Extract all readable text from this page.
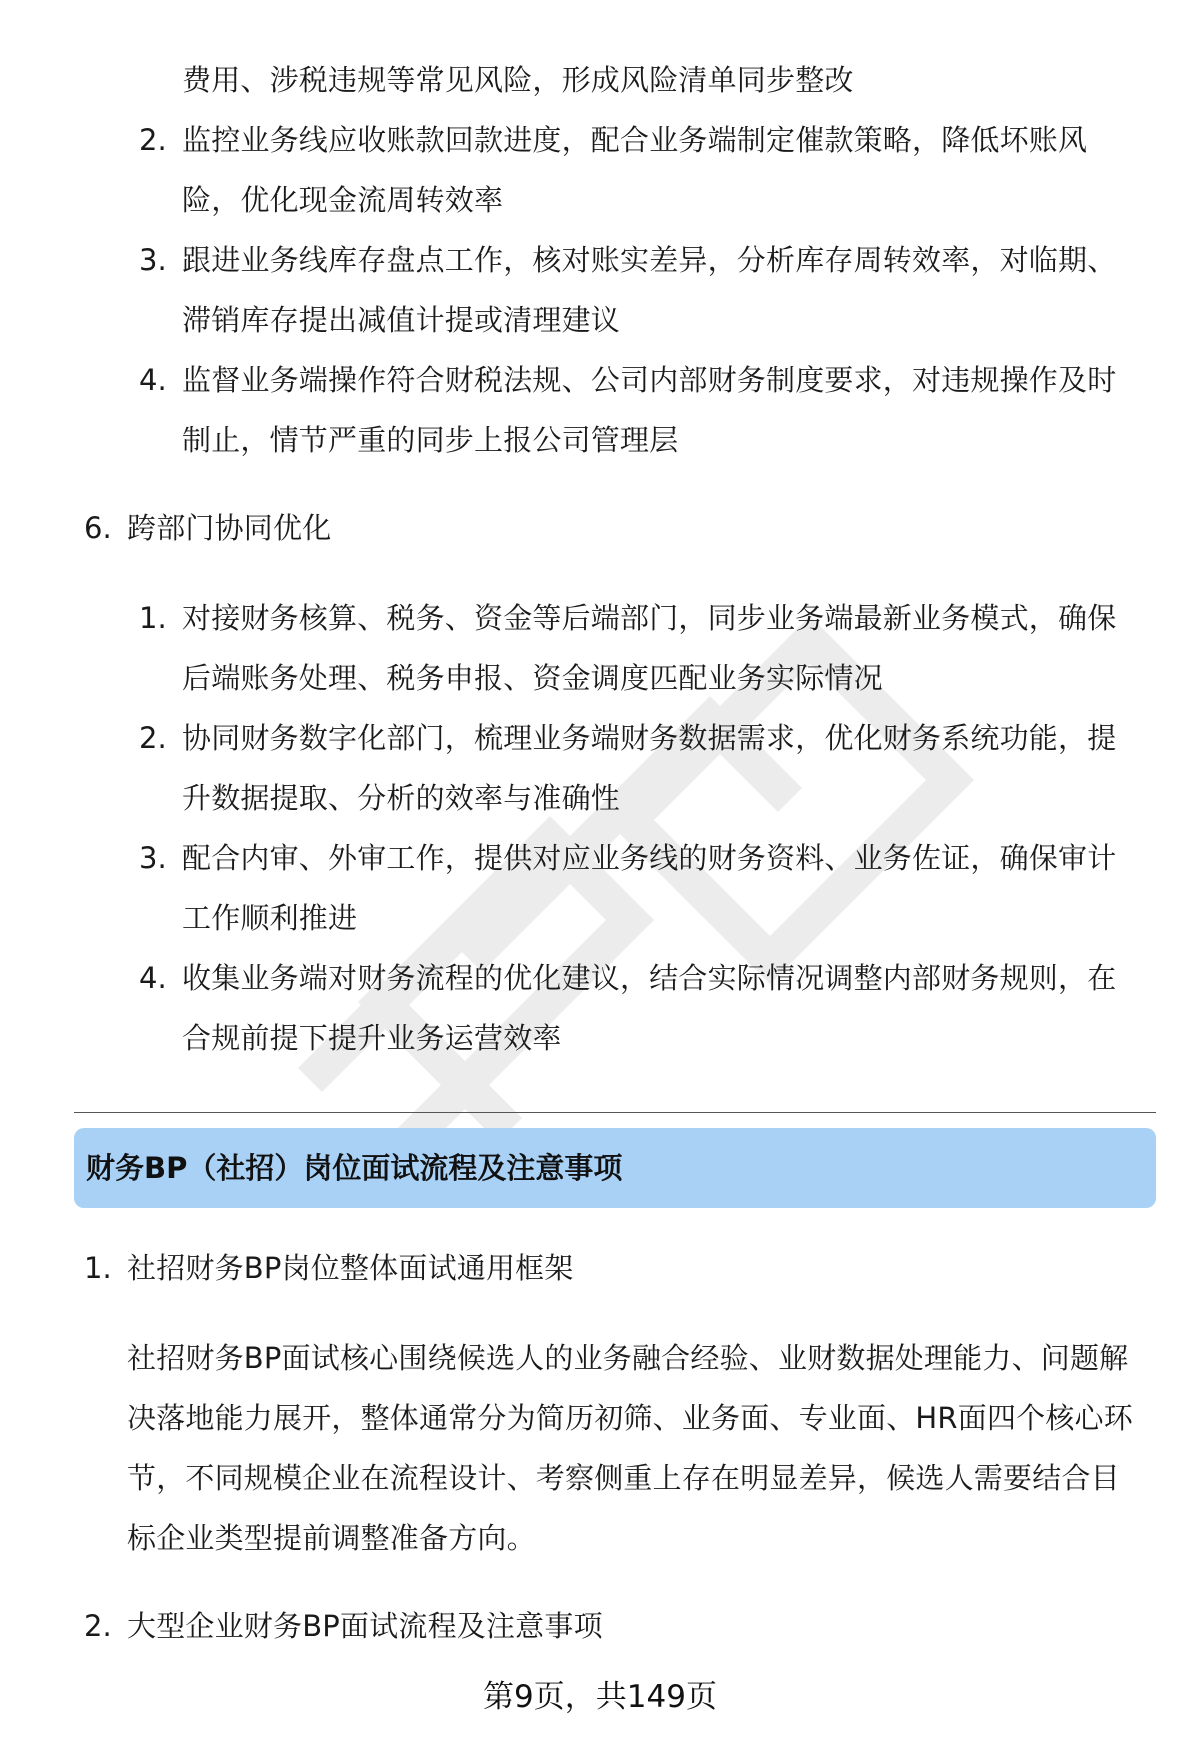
费用、涉税违规等常见风险，形成风险清单同步整改
2. 监控业务线应收账款回款进度，配合业务端制定催款策略，降低坏账风
险，优化现金流周转效率
3. 跟进业务线库存盘点工作，核对账实差异，分析库存周转效率，对临期、
滞销库存提出减值计提或清理建议
4. 监督业务端操作符合财税法规、公司内部财务制度要求，对违规操作及时
制止，情节严重的同步上报公司管理层
6. 跨部门协同优化
1. 对接财务核算、税务、资金等后端部门，同步业务端最新业务模式，确保
后端账务处理、税务申报、资金调度匹配业务实际情况
2. 协同财务数字化部门，梳理业务端财务数据需求，优化财务系统功能，提
升数据提取、分析的效率与准确性
3. 配合内审、外审工作，提供对应业务线的财务资料、业务佐证，确保审计
工作顺利推进
4. 收集业务端对财务流程的优化建议，结合实际情况调整内部财务规则，在
合规前提下提升业务运营效率
财务BP（社招）岗位面试流程及注意事项
1. 社招财务BP岗位整体面试通用框架
社招财务BP面试核心围绕候选人的业务融合经验、业财数据处理能力、问题解
决落地能力展开，整体通常分为简历初筛、业务面、专业面、HR面四个核心环
节，不同规模企业在流程设计、考察侧重上存在明显差异，候选人需要结合目
标企业类型提前调整准备方向。
2. 大型企业财务BP面试流程及注意事项
第9页，共149页
